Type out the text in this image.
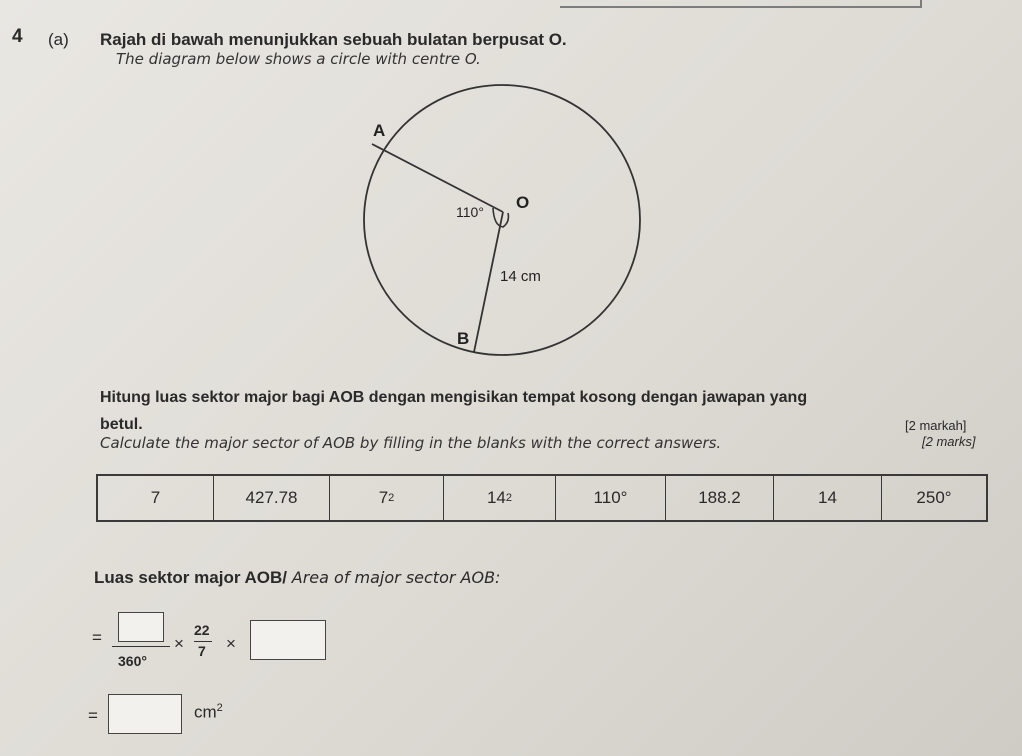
4 (a) Rajah di bawah menunjukkan sebuah bulatan berpusat O.
The diagram below shows a circle with centre O.
A
O
B
110°
14 cm
Hitung luas sektor major bagi AOB dengan mengisikan tempat kosong dengan jawapan yang
betul.	[2 markah]
Calculate the major sector of AOB by filling in the blanks with the correct answers.	[2 marks]
7	427.78	7 2	14 2	110°	188.2	14	250°
Luas sektor major AOB/ Area of major sector AOB:
=
360°
×
22
7 ×
=	$cm^2$
